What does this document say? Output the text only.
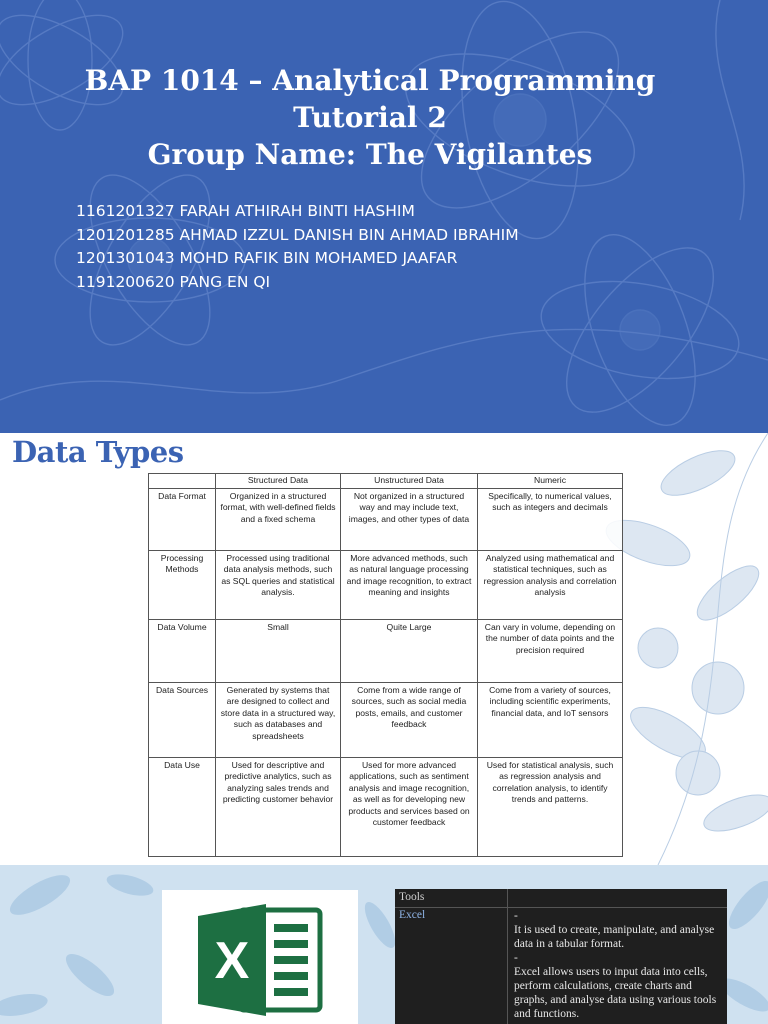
BAP 1014 – Analytical Programming
Tutorial 2
Group Name: The Vigilantes
1161201327 FARAH ATHIRAH BINTI HASHIM
1201201285 AHMAD IZZUL DANISH BIN AHMAD IBRAHIM
1201301043 MOHD RAFIK BIN MOHAMED JAAFAR
1191200620 PANG EN QI
Data Types
	Structured Data	Unstructured Data	Numeric
Data Format	Organized in a structured format, with well-defined fields and a fixed schema	Not organized in a structured way and may include text, images, and other types of data	Specifically, to numerical values, such as integers and decimals
Processing Methods	Processed using traditional data analysis methods, such as SQL queries and statistical analysis.	More advanced methods, such as natural language processing and image recognition, to extract meaning and insights	Analyzed using mathematical and statistical techniques, such as regression analysis and correlation analysis
Data Volume	Small	Quite Large	Can vary in volume, depending on the number of data points and the precision required
Data Sources	Generated by systems that are designed to collect and store data in a structured way, such as databases and spreadsheets	Come from a wide range of sources, such as social media posts, emails, and customer feedback	Come from a variety of sources, including scientific experiments, financial data, and IoT sensors
Data Use	Used for descriptive and predictive analytics, such as analyzing sales trends and predicting customer behavior	Used for more advanced applications, such as sentiment analysis and image recognition, as well as for developing new products and services based on customer feedback	Used for statistical analysis, such as regression analysis and correlation analysis, to identify trends and patterns.
X
Tools
Excel	-
It is used to create, manipulate, and analyse data in a tabular format.
-
Excel allows users to input data into cells, perform calculations, create charts and graphs, and analyse data using various tools and functions.
